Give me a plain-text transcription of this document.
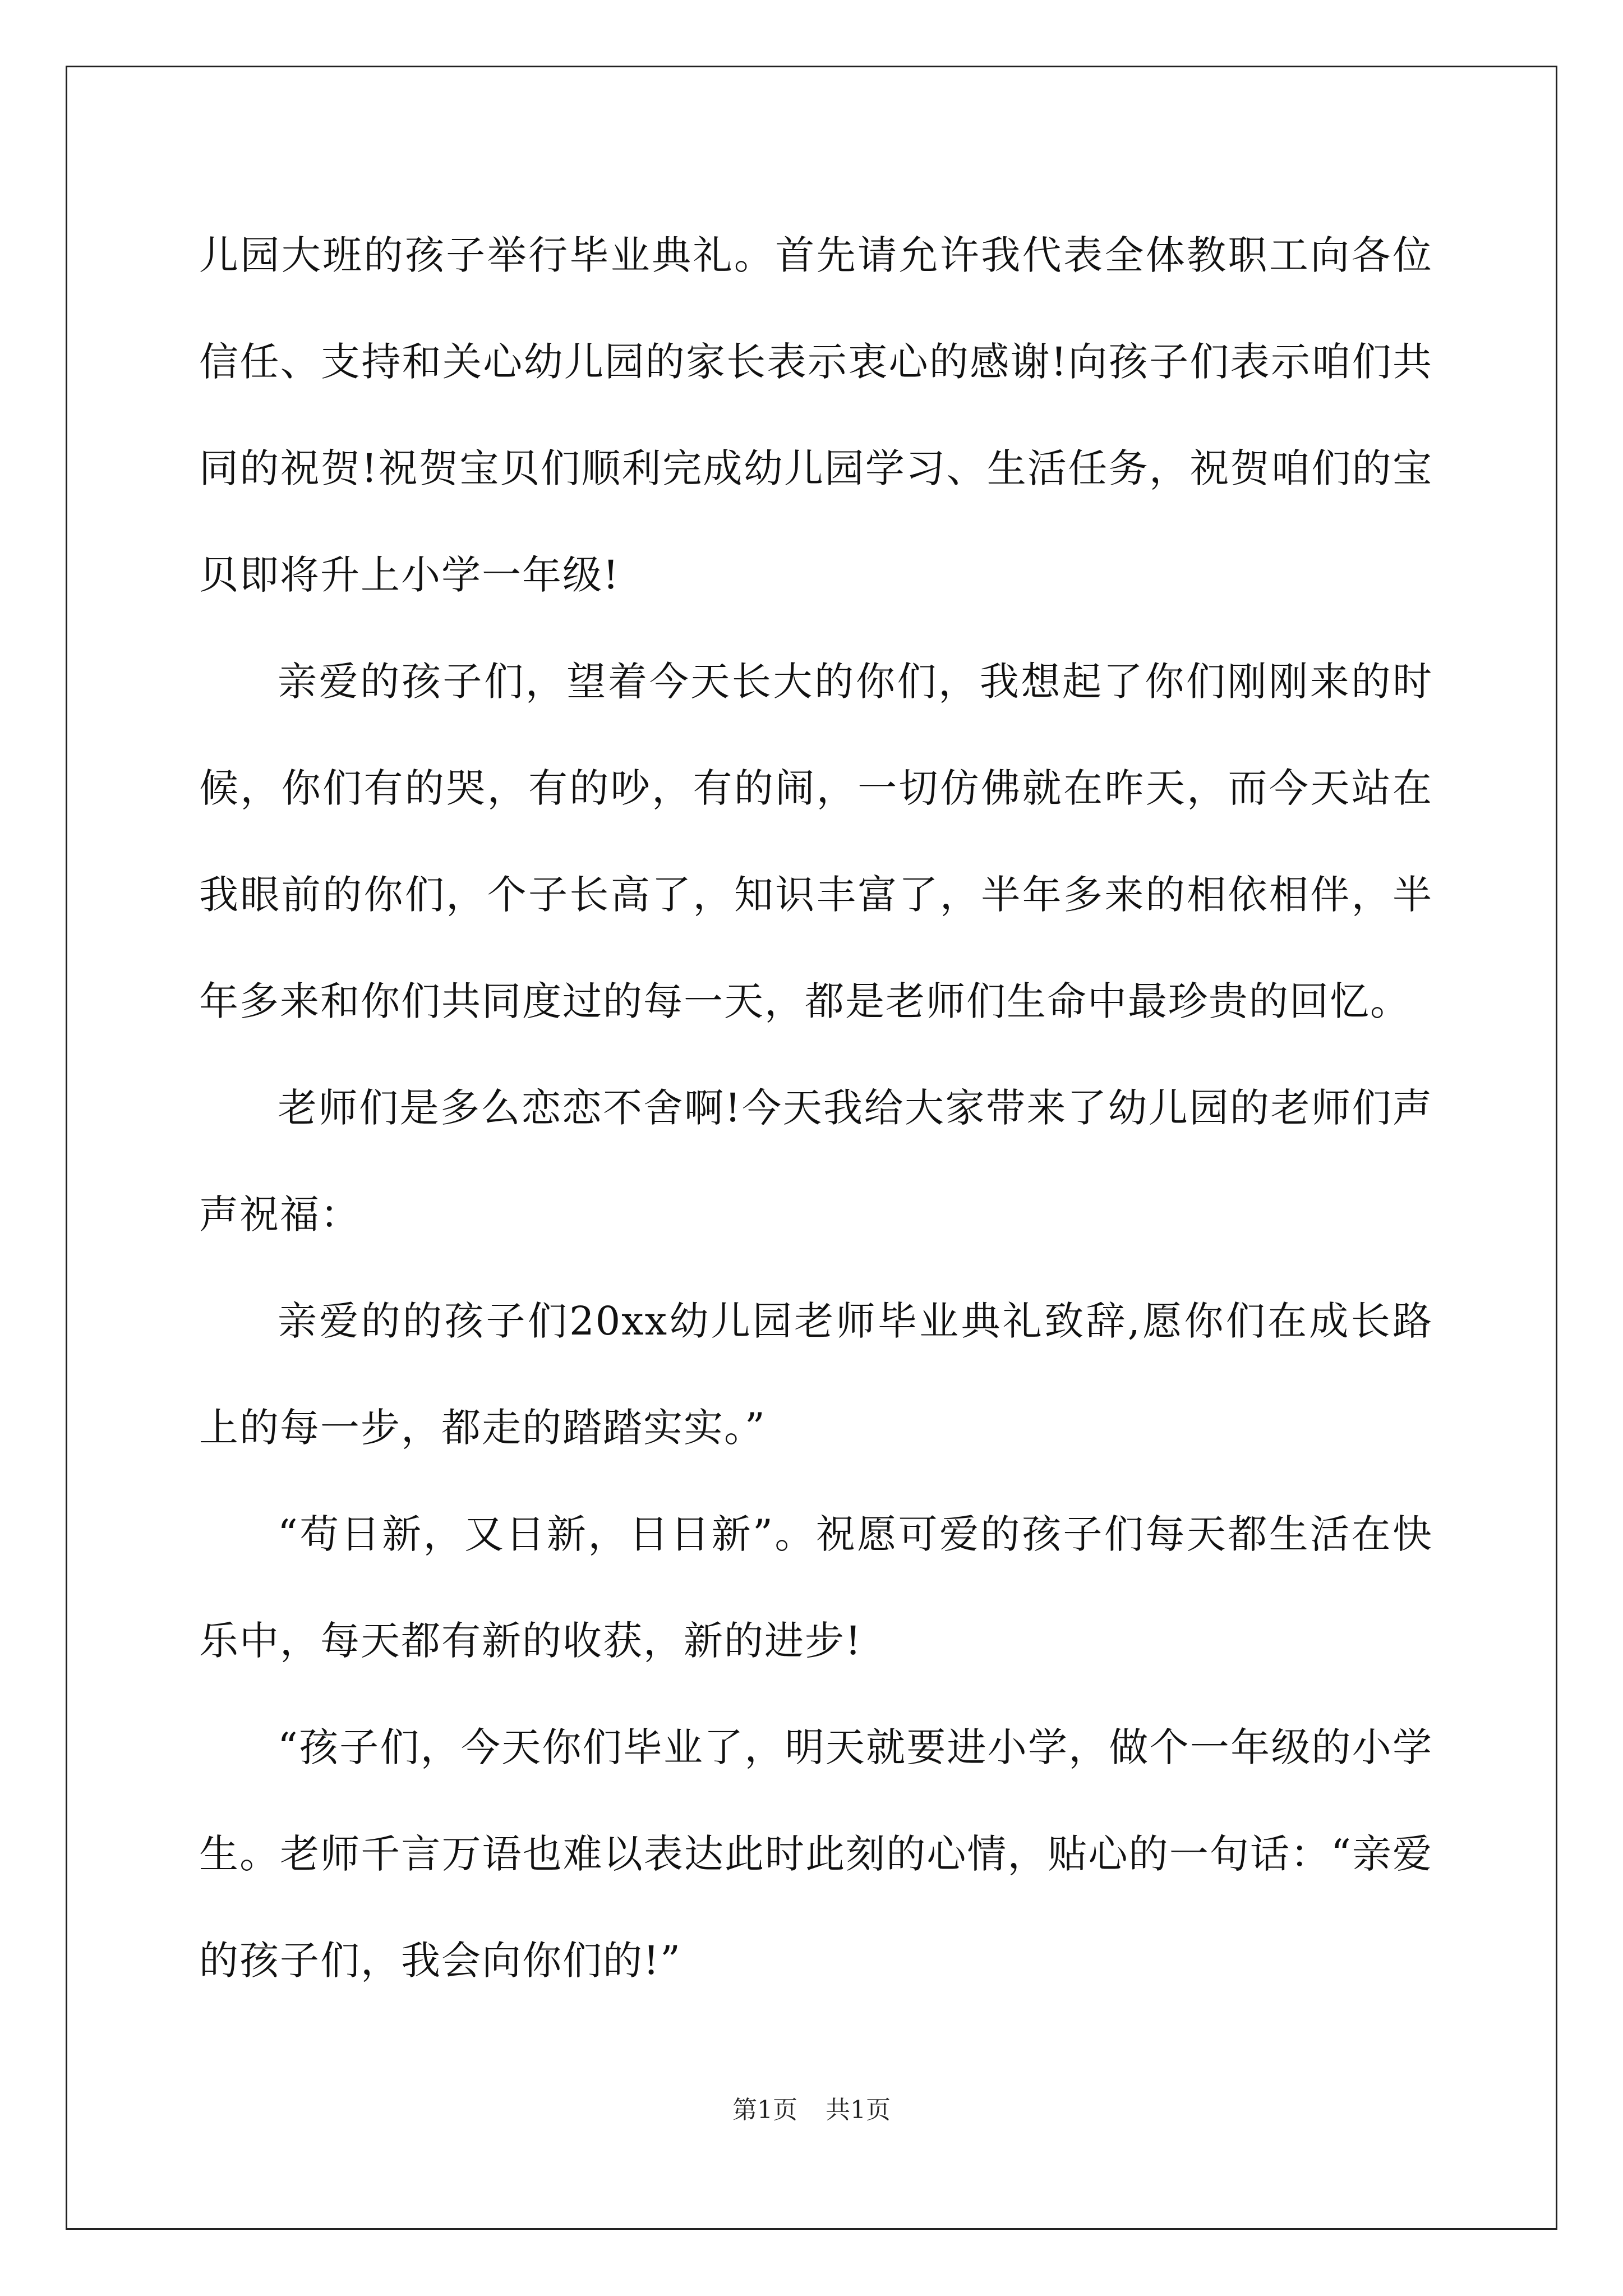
儿园大班的孩子举行毕业典礼。首先请允许我代表全体教职工向各位信任、支持和关心幼儿园的家长表示衷心的感谢!向孩子们表示咱们共同的祝贺!祝贺宝贝们顺利完成幼儿园学习、生活任务，祝贺咱们的宝贝即将升上小学一年级!

亲爱的孩子们，望着今天长大的你们，我想起了你们刚刚来的时候，你们有的哭，有的吵，有的闹，一切仿佛就在昨天，而今天站在我眼前的你们，个子长高了，知识丰富了，半年多来的相依相伴，半年多来和你们共同度过的每一天，都是老师们生命中最珍贵的回忆。

老师们是多么恋恋不舍啊!今天我给大家带来了幼儿园的老师们声声祝福：

亲爱的的孩子们20xx幼儿园老师毕业典礼致辞,愿你们在成长路上的每一步，都走的踏踏实实。”

“苟日新，又日新，日日新”。祝愿可爱的孩子们每天都生活在快乐中，每天都有新的收获，新的进步!

“孩子们，今天你们毕业了，明天就要进小学，做个一年级的小学生。老师千言万语也难以表达此时此刻的心情，贴心的一句话：“亲爱的孩子们，我会向你们的!”

第1页 共1页
